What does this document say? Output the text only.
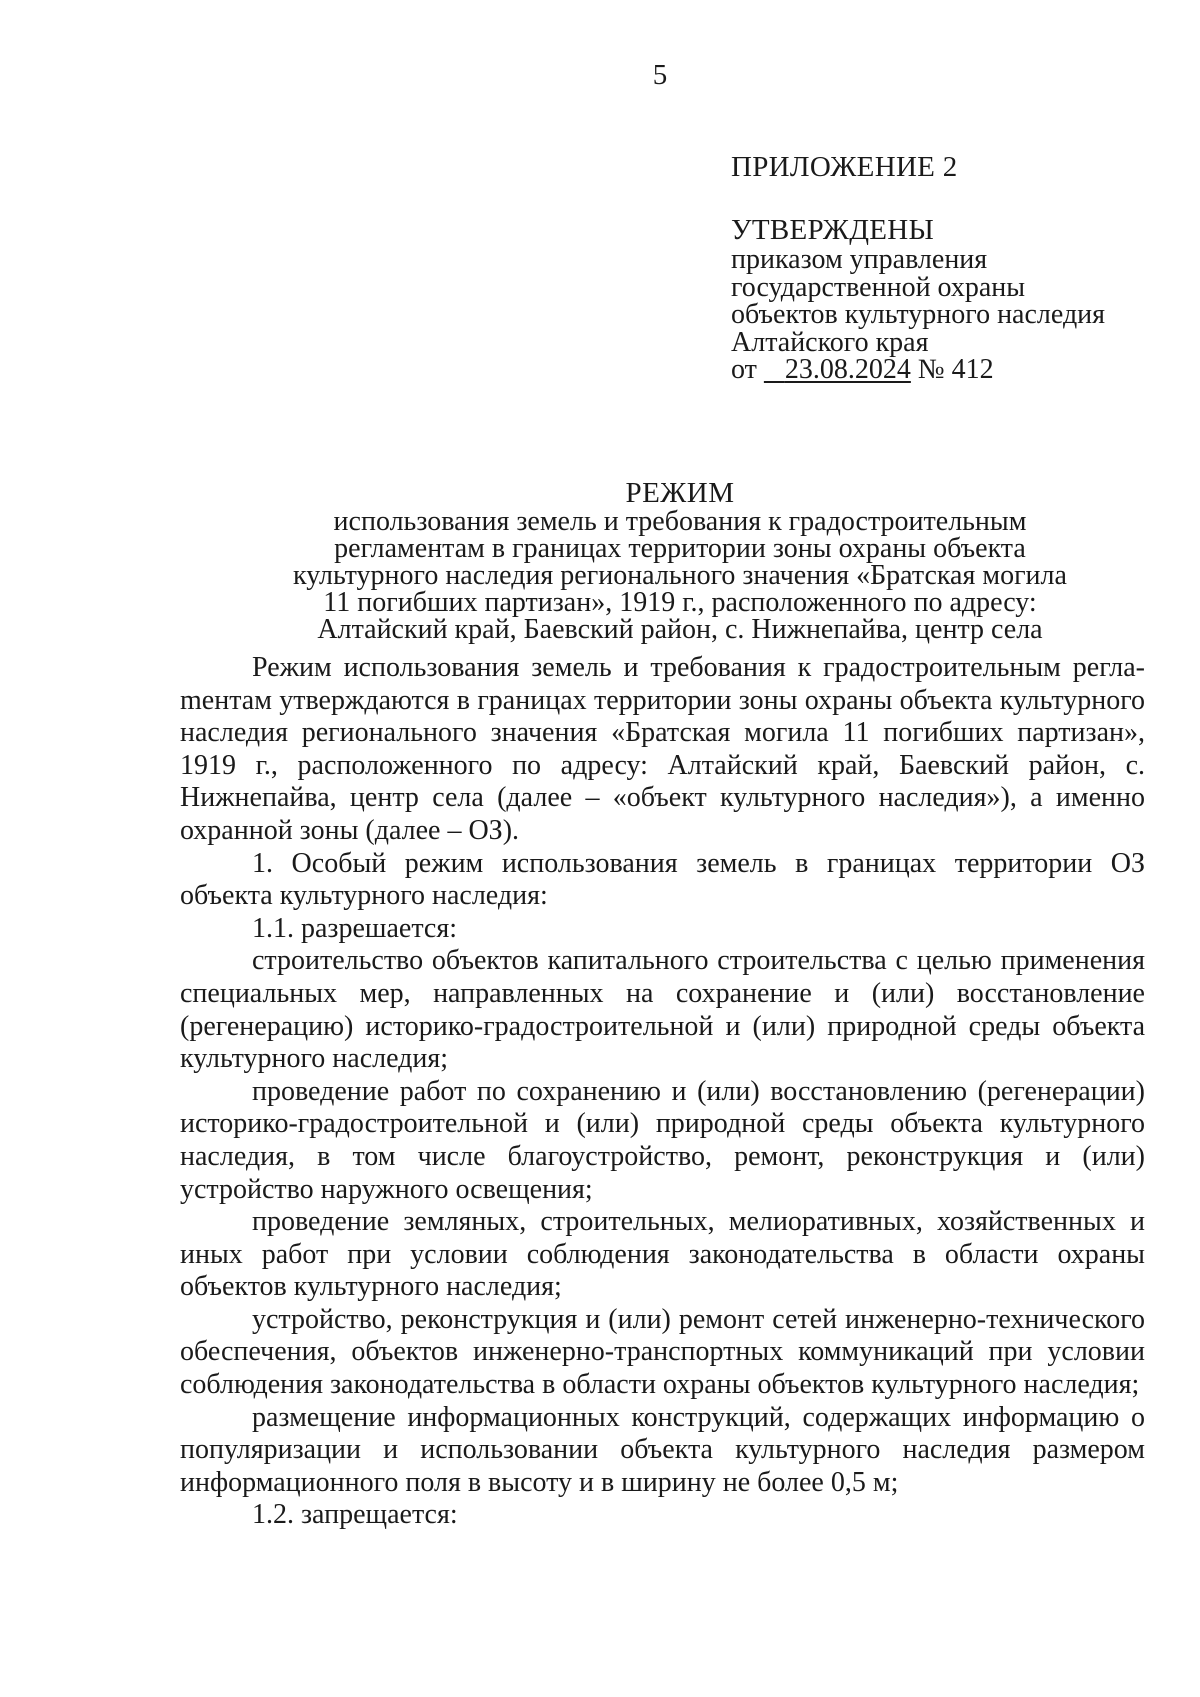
5
ПРИЛОЖЕНИЕ 2
УТВЕРЖДЕНЫ
приказом управления
государственной охраны
объектов культурного наследия
Алтайского края
от 23.08.2024 № 412
РЕЖИМ
использования земель и требования к градостроительным
регламентам в границах территории зоны охраны объекта
культурного наследия регионального значения «Братская могила
11 погибших партизан», 1919 г., расположенного по адресу:
Алтайский край, Баевский район, с. Нижнепайва, центр села

Режим использования земель и требования к градостроительным реглаmентам утверждаются в границах территории зоны охраны объекта культурного наследия регионального значения «Братская могила 11 погибших партизан», 1919 г., расположенного по адресу: Алтайский край, Баевский район, с. Нижнепайва, центр села (далее – «объект культурного наследия»), а именно охранной зоны (далее – ОЗ).

1. Особый режим использования земель в границах территории ОЗ объекта культурного наследия:

1.1. разрешается:

строительство объектов капитального строительства с целью применения специальных мер, направленных на сохранение и (или) восстановление (регенерацию) историко-градостроительной и (или) природной среды объекта культурного наследия;

проведение работ по сохранению и (или) восстановлению (регенерации) историко-градостроительной и (или) природной среды объекта культурного наследия, в том числе благоустройство, ремонт, реконструкция и (или) устройство наружного освещения;

проведение земляных, строительных, мелиоративных, хозяйственных и иных работ при условии соблюдения законодательства в области охраны объектов культурного наследия;

устройство, реконструкция и (или) ремонт сетей инженерно-технического обеспечения, объектов инженерно-транспортных коммуникаций при условии соблюдения законодательства в области охраны объектов культурного наследия;

размещение информационных конструкций, содержащих информацию о популяризации и использовании объекта культурного наследия размером информационного поля в высоту и в ширину не более 0,5 м;

1.2. запрещается:
